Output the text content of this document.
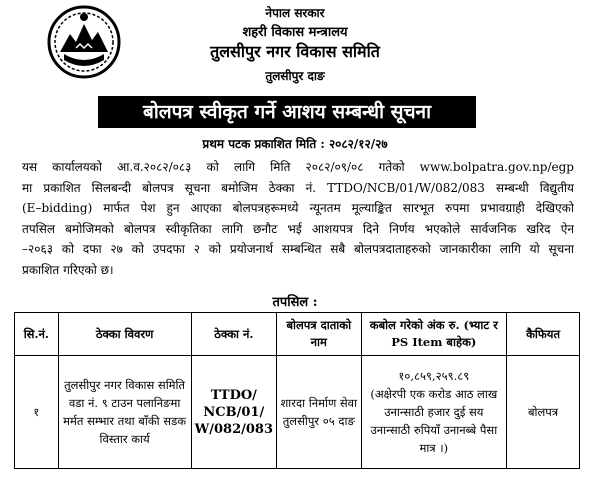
नेपाल सरकार
शहरी विकास मन्त्रालय
तुलसीपुर नगर विकास समिति
तुलसीपुर दाङ
बोलपत्र स्वीकृत गर्ने आशय सम्बन्धी सूचना
प्रथम पटक प्रकाशित मिति : २०८२/१२/२७
यस कार्यालयको आ.व.२०८२/०८३ को लागि मिति २०८२/०९/०८ गतेको www.bolpatra.gov.np/egp
मा प्रकाशित सिलबन्दी बोलपत्र सूचना बमोजिम ठेक्का नं. TTDO/NCB/01/W/082/083 सम्बन्धी विद्युतीय
(E–bidding) मार्फत पेश हुन आएका बोलपत्रहरूमध्ये न्यूनतम मूल्याङ्कित सारभूत रुपमा प्रभावग्राही देखिएको
तपसिल बमोजिमको बोलपत्र स्वीकृतिका लागि छनौट भई आशयपत्र दिने निर्णय भएकोले सार्वजनिक खरिद ऐन
–२०६३ को दफा २७ को उपदफा २ को प्रयोजनार्थ सम्बन्धित सबै बोलपत्रदाताहरुको जानकारीका लागि यो सूचना
प्रकाशित गरिएको छ।
तपसिल :
सि.नं.	ठेक्का विवरण	ठेक्का नं.	बोलपत्र दाताको नाम	कबोल गरेको अंक रु. (भ्याट र PS Item बाहेक)	कैफियत
१	तुलसीपुर नगर विकास समिति वडा नं. ९ टाउन पलानिङमा मर्मत सम्भार तथा बाँकी सडक विस्तार कार्य	TTDO/ NCB/01/ W/082/083	शारदा निर्माण सेवा तुलसीपुर ०५ दाङ	१०,८५९,२५९.८९
(अक्षेरपी एक करोड आठ लाख उनान्साठी हजार दुई सय उनान्साठी रुपियाँ उनानब्बे पैसा मात्र ।)	बोलपत्र
